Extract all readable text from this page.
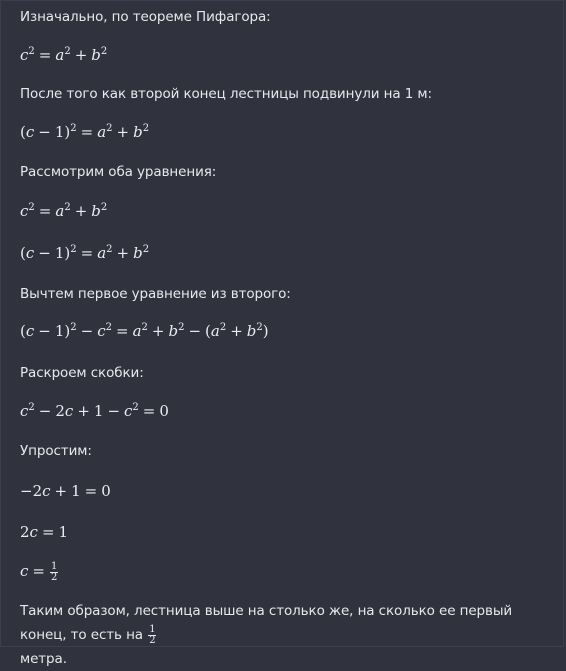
Изначально, по теореме Пифагора:
$c^2 = a^2 + b^2$
После того как второй конец лестницы подвинули на 1 м:
$(c - 1)^2 = a^2 + b^2$
Рассмотрим оба уравнения:
$c^2 = a^2 + b^2$
$(c - 1)^2 = a^2 + b^2$
Вычтем первое уравнение из второго:
$(c - 1)^2 - c^2 = a^2 + b^2 - (a^2 + b^2)$
Раскроем скобки:
$c^2 - 2c + 1 - c^2 = 0$
Упростим:
−2c + 1 = 0
2c = 1
$c = \frac{1}{2}$
Таким образом, лестница выше на столько же, на сколько ее первый конец, то есть на $\frac{1}{2}$

метра.
